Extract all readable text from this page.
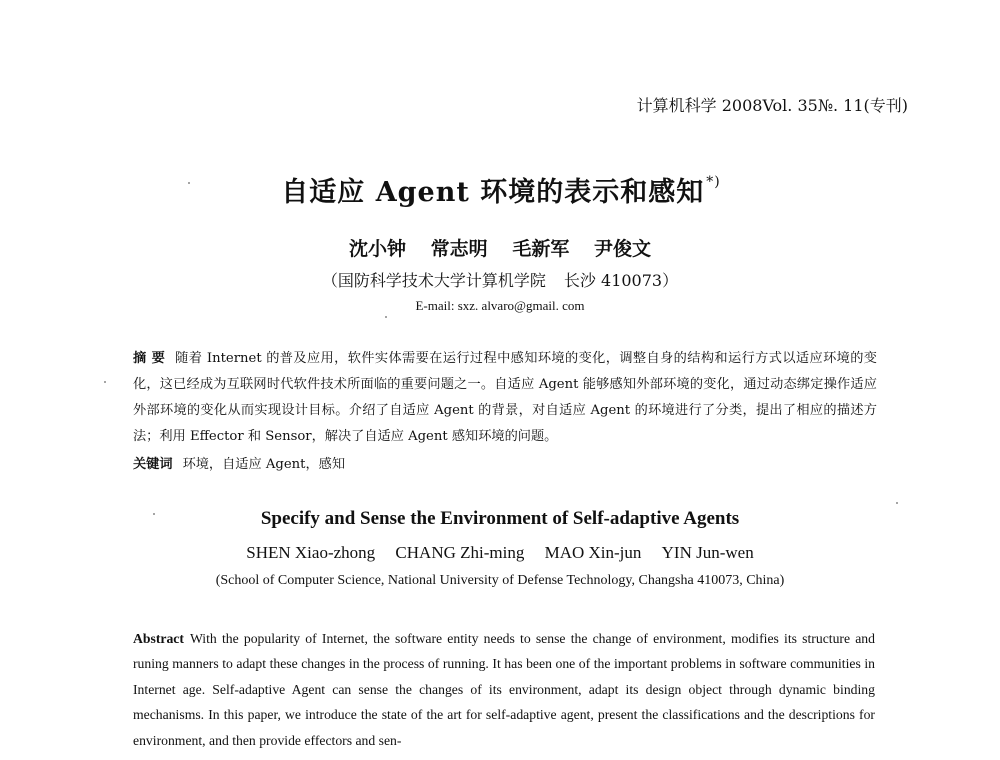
计算机科学 2008Vol. 35№. 11(专刊)
自适应 Agent 环境的表示和感知 *)
沈小钟 常志明 毛新军 尹俊文
（国防科学技术大学计算机学院 长沙 410073）
E-mail: sxz. alvaro@gmail. com
摘 要 随着 Internet 的普及应用，软件实体需要在运行过程中感知环境的变化，调整自身的结构和运行方式以适应环境的变化，这已经成为互联网时代软件技术所面临的重要问题之一。自适应 Agent 能够感知外部环境的变化，通过动态绑定操作适应外部环境的变化从而实现设计目标。介绍了自适应 Agent 的背景，对自适应 Agent 的环境进行了分类，提出了相应的描述方法；利用 Effector 和 Sensor，解决了自适应 Agent 感知环境的问题。
关键词 环境，自适应 Agent，感知
Specify and Sense the Environment of Self-adaptive Agents
SHEN Xiao-zhong CHANG Zhi-ming MAO Xin-jun YIN Jun-wen
(School of Computer Science, National University of Defense Technology, Changsha 410073, China)
Abstract With the popularity of Internet, the software entity needs to sense the change of environment, modifies its structure and runing manners to adapt these changes in the process of running. It has been one of the important problems in software communities in Internet age. Self-adaptive Agent can sense the changes of its environment, adapt its design object through dynamic binding mechanisms. In this paper, we introduce the state of the art for self-adaptive agent, present the classifications and the descriptions for environment, and then provide effectors and sen-
